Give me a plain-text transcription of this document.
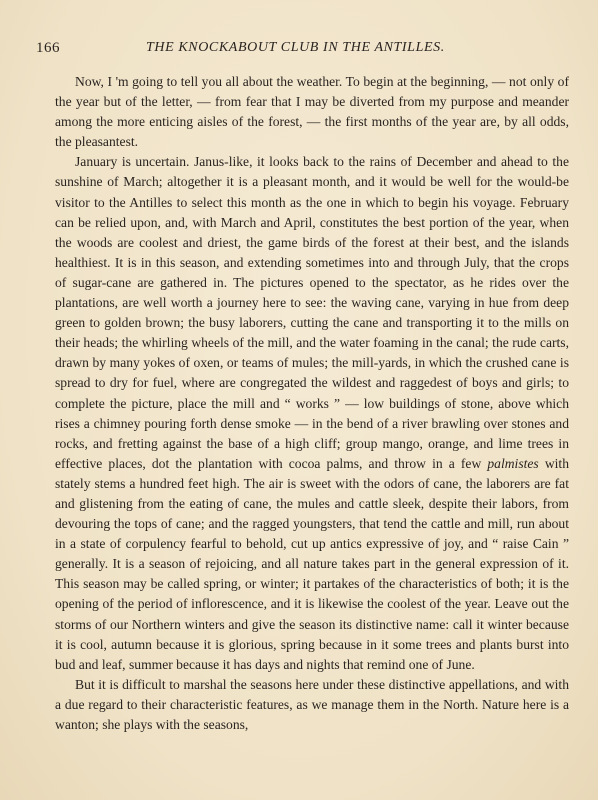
166	THE KNOCKABOUT CLUB IN THE ANTILLES.

Now, I 'm going to tell you all about the weather. To begin at the beginning, — not only of the year but of the letter, — from fear that I may be diverted from my purpose and meander among the more enticing aisles of the forest, — the first months of the year are, by all odds, the pleasantest.

January is uncertain. Janus-like, it looks back to the rains of December and ahead to the sunshine of March; altogether it is a pleasant month, and it would be well for the would-be visitor to the Antilles to select this month as the one in which to begin his voyage. February can be relied upon, and, with March and April, constitutes the best portion of the year, when the woods are coolest and driest, the game birds of the forest at their best, and the islands healthiest. It is in this season, and extending sometimes into and through July, that the crops of sugar-cane are gathered in. The pictures opened to the spectator, as he rides over the plantations, are well worth a journey here to see: the waving cane, varying in hue from deep green to golden brown; the busy laborers, cutting the cane and transporting it to the mills on their heads; the whirling wheels of the mill, and the water foaming in the canal; the rude carts, drawn by many yokes of oxen, or teams of mules; the mill-yards, in which the crushed cane is spread to dry for fuel, where are congregated the wildest and raggedest of boys and girls; to complete the picture, place the mill and “ works ” — low buildings of stone, above which rises a chimney pouring forth dense smoke — in the bend of a river brawling over stones and rocks, and fretting against the base of a high cliff; group mango, orange, and lime trees in effective places, dot the plantation with cocoa palms, and throw in a few palmistes with stately stems a hundred feet high. The air is sweet with the odors of cane, the laborers are fat and glistening from the eating of cane, the mules and cattle sleek, despite their labors, from devouring the tops of cane; and the ragged youngsters, that tend the cattle and mill, run about in a state of corpulency fearful to behold, cut up antics expressive of joy, and “ raise Cain ” generally. It is a season of rejoicing, and all nature takes part in the general expression of it. This season may be called spring, or winter; it partakes of the characteristics of both; it is the opening of the period of inflorescence, and it is likewise the coolest of the year. Leave out the storms of our Northern winters and give the season its distinctive name: call it winter because it is cool, autumn because it is glorious, spring because in it some trees and plants burst into bud and leaf, summer because it has days and nights that remind one of June.

But it is difficult to marshal the seasons here under these distinctive appellations, and with a due regard to their characteristic features, as we manage them in the North. Nature here is a wanton; she plays with the seasons,
